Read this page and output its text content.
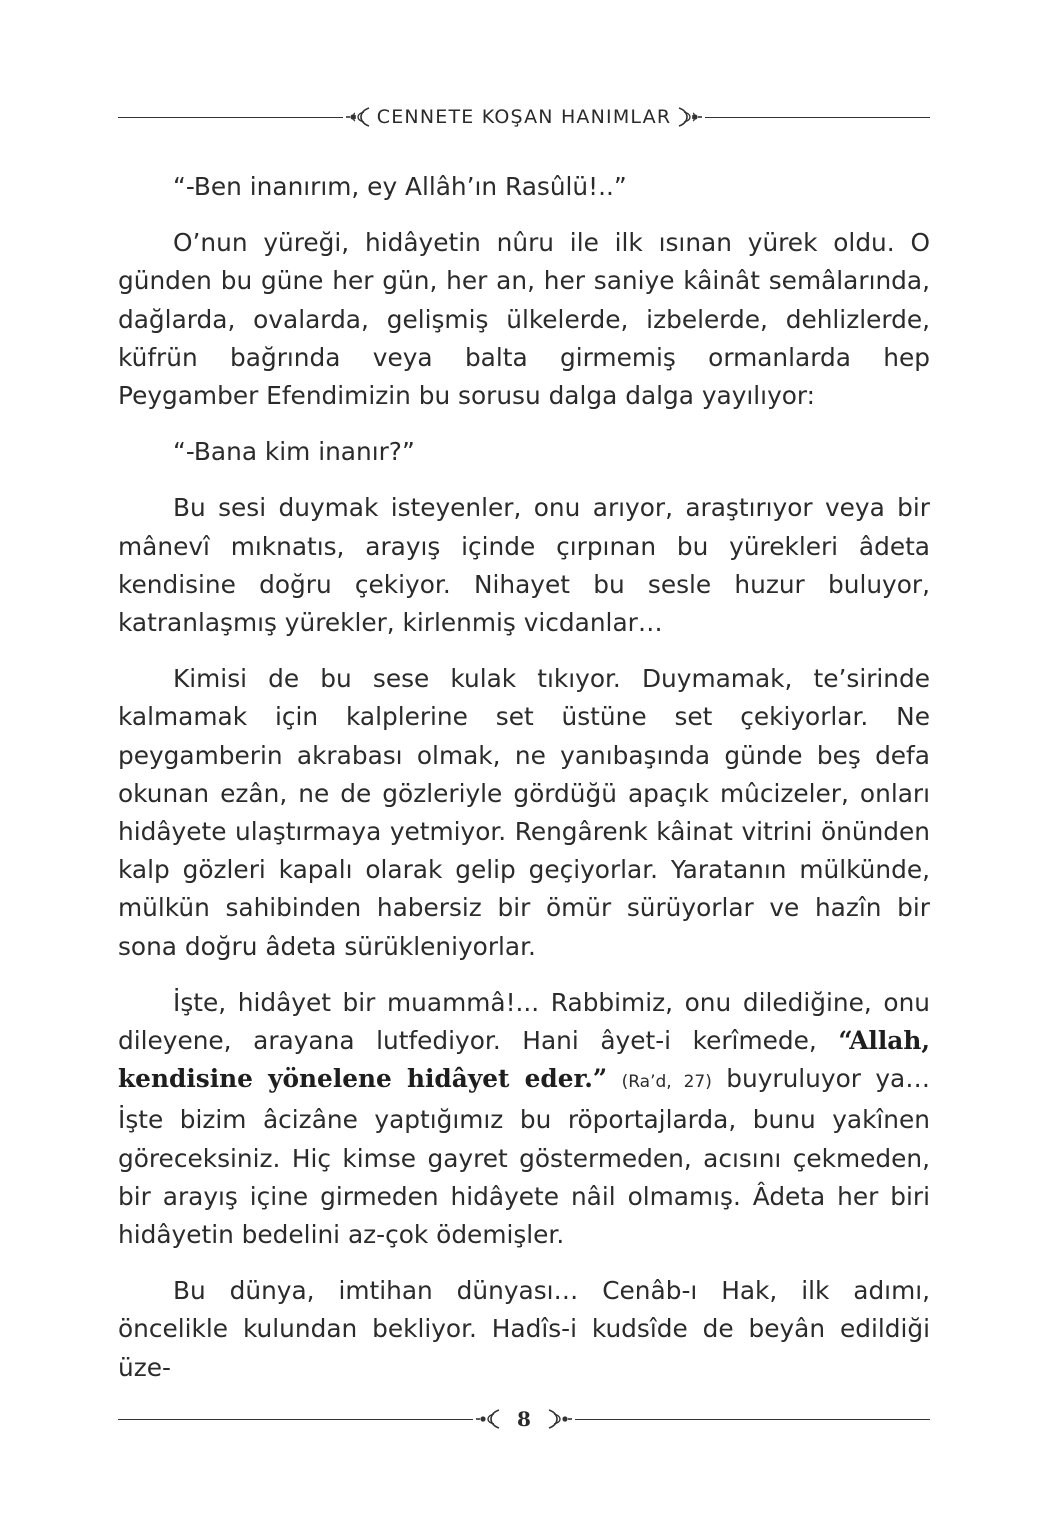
CENNETE KOŞAN HANIMLAR

“-Ben inanırım, ey Allâh’ın Rasûlü!..”

O’nun yüreği, hidâyetin nûru ile ilk ısınan yürek oldu. O günden bu güne her gün, her an, her saniye kâinât semâlarında, dağlarda, ovalarda, gelişmiş ülkelerde, izbelerde, dehlizlerde, küfrün bağrında veya balta girmemiş ormanlarda hep Peygamber Efendimizin bu sorusu dalga dalga yayılıyor:

“-Bana kim inanır?”

Bu sesi duymak isteyenler, onu arıyor, araştırıyor veya bir mânevî mıknatıs, arayış içinde çırpınan bu yürekleri âdeta kendisine doğru çekiyor. Nihayet bu sesle huzur buluyor, katranlaşmış yürekler, kirlenmiş vicdanlar…

Kimisi de bu sese kulak tıkıyor. Duymamak, te’sirinde kalmamak için kalplerine set üstüne set çekiyorlar. Ne peygamberin akrabası olmak, ne yanıbaşında günde beş defa okunan ezân, ne de gözleriyle gördüğü apaçık mûcizeler, onları hidâyete ulaştırmaya yetmiyor. Rengârenk kâinat vitrini önünden kalp gözleri kapalı olarak gelip geçiyorlar. Yaratanın mülkünde, mülkün sahibinden habersiz bir ömür sürüyorlar ve hazîn bir sona doğru âdeta sürükleniyorlar.

İşte, hidâyet bir muammâ!... Rabbimiz, onu dilediğine, onu dileyene, arayana lutfediyor. Hani âyet-i kerîmede, “Allah, kendisine yönelene hidâyet eder.” (Ra’d, 27) buyruluyor ya… İşte bizim âcizâne yaptığımız bu röportajlarda, bunu yakînen göreceksiniz. Hiç kimse gayret göstermeden, acısını çekmeden, bir arayış içine girmeden hidâyete nâil olmamış. Âdeta her biri hidâyetin bedelini az-çok ödemişler.

Bu dünya, imtihan dünyası… Cenâb-ı Hak, ilk adımı, öncelikle kulundan bekliyor. Hadîs-i kudsîde de beyân edildiği üze-

8
